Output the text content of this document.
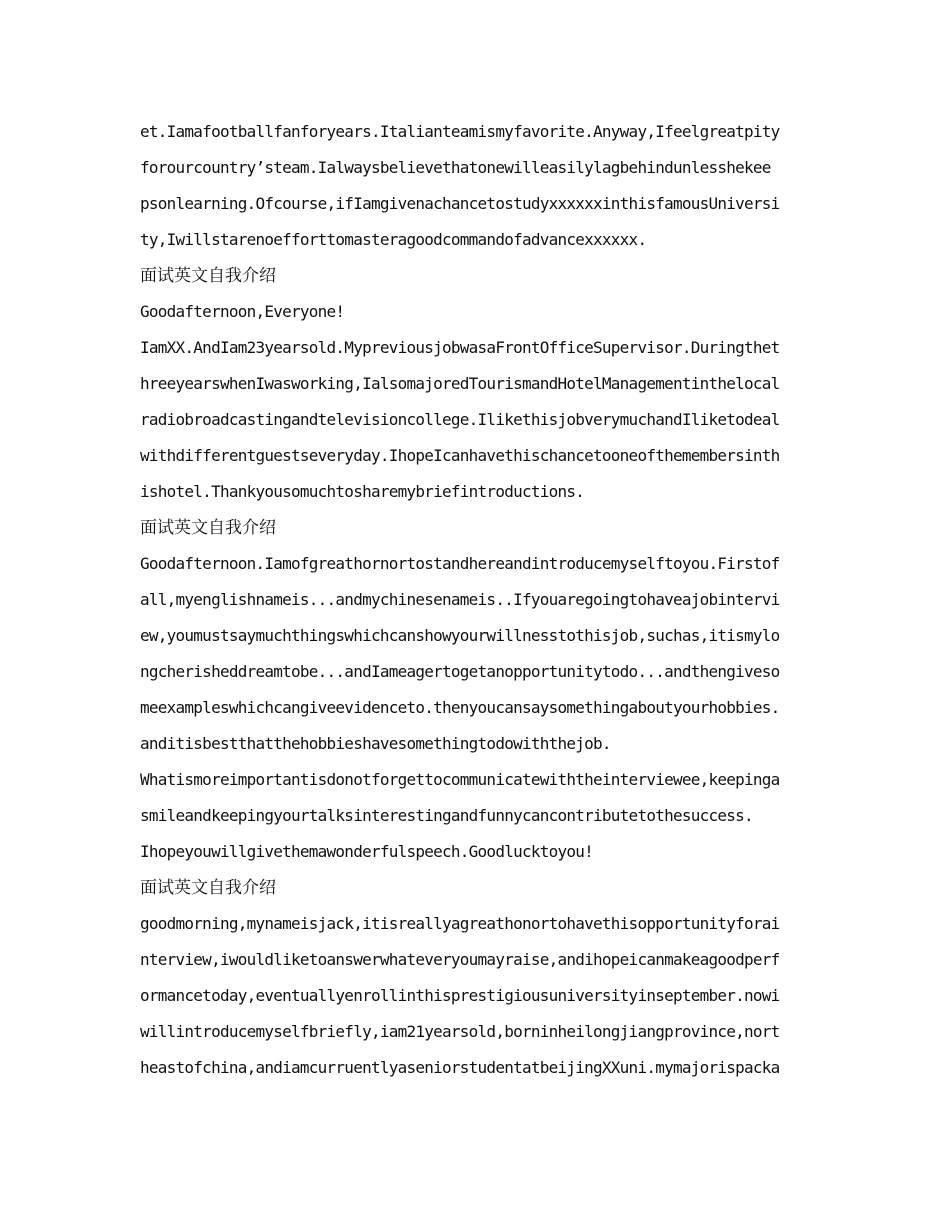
et.Iamafootballfanforyears.Italianteamismyfavorite.Anyway,Ifeelgreatpity
forourcountry’steam.Ialwaysbelievethatonewilleasilylagbehindunlesshekee
psonlearning.Ofcourse,ifIamgivenachancetostudyxxxxxxinthisfamousUniversi
ty,Iwillstarenoefforttomasteragoodcommandofadvancexxxxxx.
面试英文自我介绍
Goodafternoon,Everyone!
IamXX.AndIam23yearsold.MypreviousjobwasaFrontOfficeSupervisor.Duringthet
hreeyearswhenIwasworking,IalsomajoredTourismandHotelManagementinthelocal
radiobroadcastingandtelevisioncollege.IlikethisjobverymuchandIliketodeal
withdifferentguestseveryday.IhopeIcanhavethischancetooneofthemembersinth
ishotel.Thankyousomuchtosharemybriefintroductions.
面试英文自我介绍
Goodafternoon.Iamofgreathornortostandhereandintroducemyselftoyou.Firstof
all,myenglishnameis...andmychinesenameis..Ifyouaregoingtohaveajobintervi
ew,youmustsaymuchthingswhichcanshowyourwillnesstothisjob,suchas,itismylo
ngcherisheddreamtobe...andIameagertogetanopportunitytodo...andthengiveso
meexampleswhichcangiveevidenceto.thenyoucansaysomethingaboutyourhobbies.
anditisbestthatthehobbieshavesomethingtodowiththejob.
Whatismoreimportantisdonotforgettocommunicatewiththeinterviewee,keepinga
smileandkeepingyourtalksinterestingandfunnycancontributetothesuccess.
Ihopeyouwillgivethemawonderfulspeech.Goodlucktoyou!
面试英文自我介绍
goodmorning,mynameisjack,itisreallyagreathonortohavethisopportunityforai
nterview,iwouldliketoanswerwhateveryoumayraise,andihopeicanmakeagoodperf
ormancetoday,eventuallyenrollinthisprestigiousuniversityinseptember.nowi
willintroducemyselfbriefly,iam21yearsold,borninheilongjiangprovince,nort
heastofchina,andiamcurruentlyaseniorstudentatbeijingXXuni.mymajorispacka
